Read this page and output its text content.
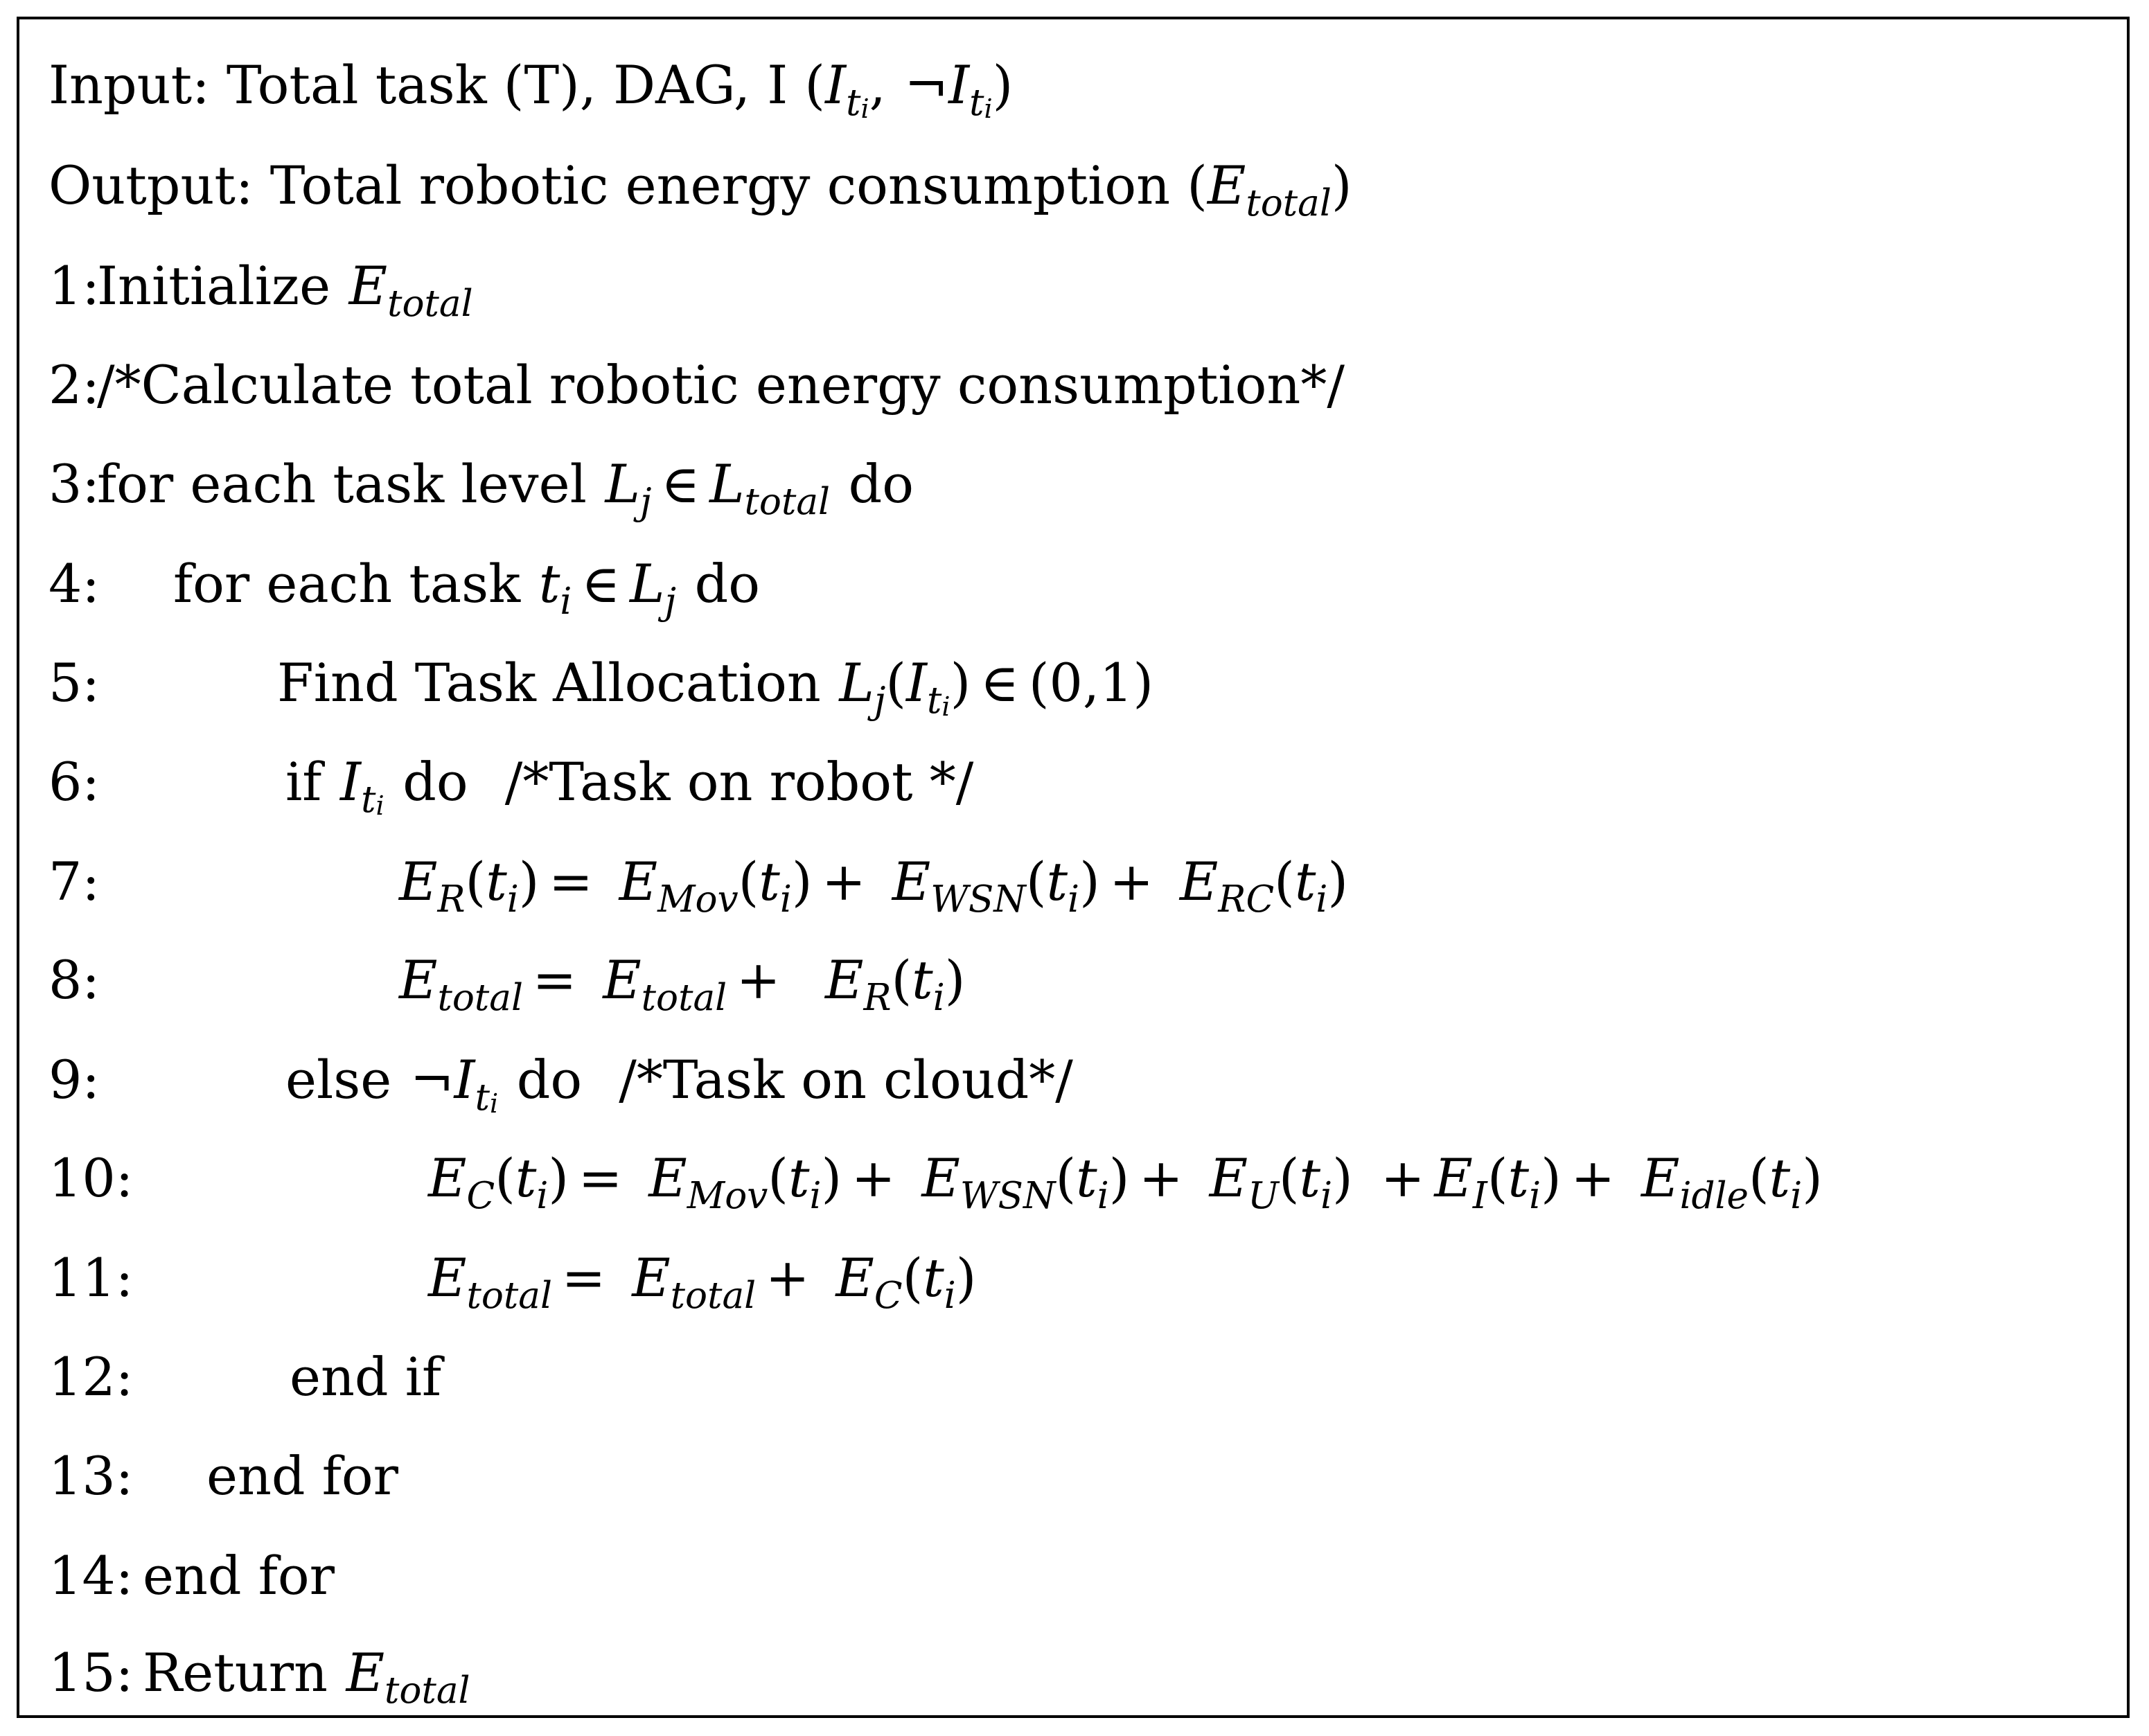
Input: Total task (T), DAG, I ($I_{ti}$, $\neg I_{ti}$)
Output: Total robotic energy consumption $(E_{total})$
1:
Initialize $E_{total}$
2:
/*Calculate total robotic energy consumption*/
3:
for each task level $L_j$ ∈ $L_{total}$ do
4: for each task $t_i$ ∈ $L_j$ do
5:	Find Task Allocation $L_j(I_{ti})$ ∈ (0,1)
6:	if $I_{ti}$ do /*Task on robot */
7:	$E_R(t_i) = E_{Mov}(t_i) + E_{WSN}(t_i) + E_{RC}(t_i)$
8:	$E_{total} = E_{total} + E_R(t_i)$
9:	else $\neg I_{ti}$ do /*Task on cloud*/
10:	$E_C(t_i) = E_{Mov}(t_i) + E_{WSN}(t_i) + E_U(t_i) + E_I(t_i) + E_{idle}(t_i)$
11:	$E_{total} = E_{total} + E_C(t_i)$
12:	end if
13: end for
14: end for
15: Return $E_{total}$
